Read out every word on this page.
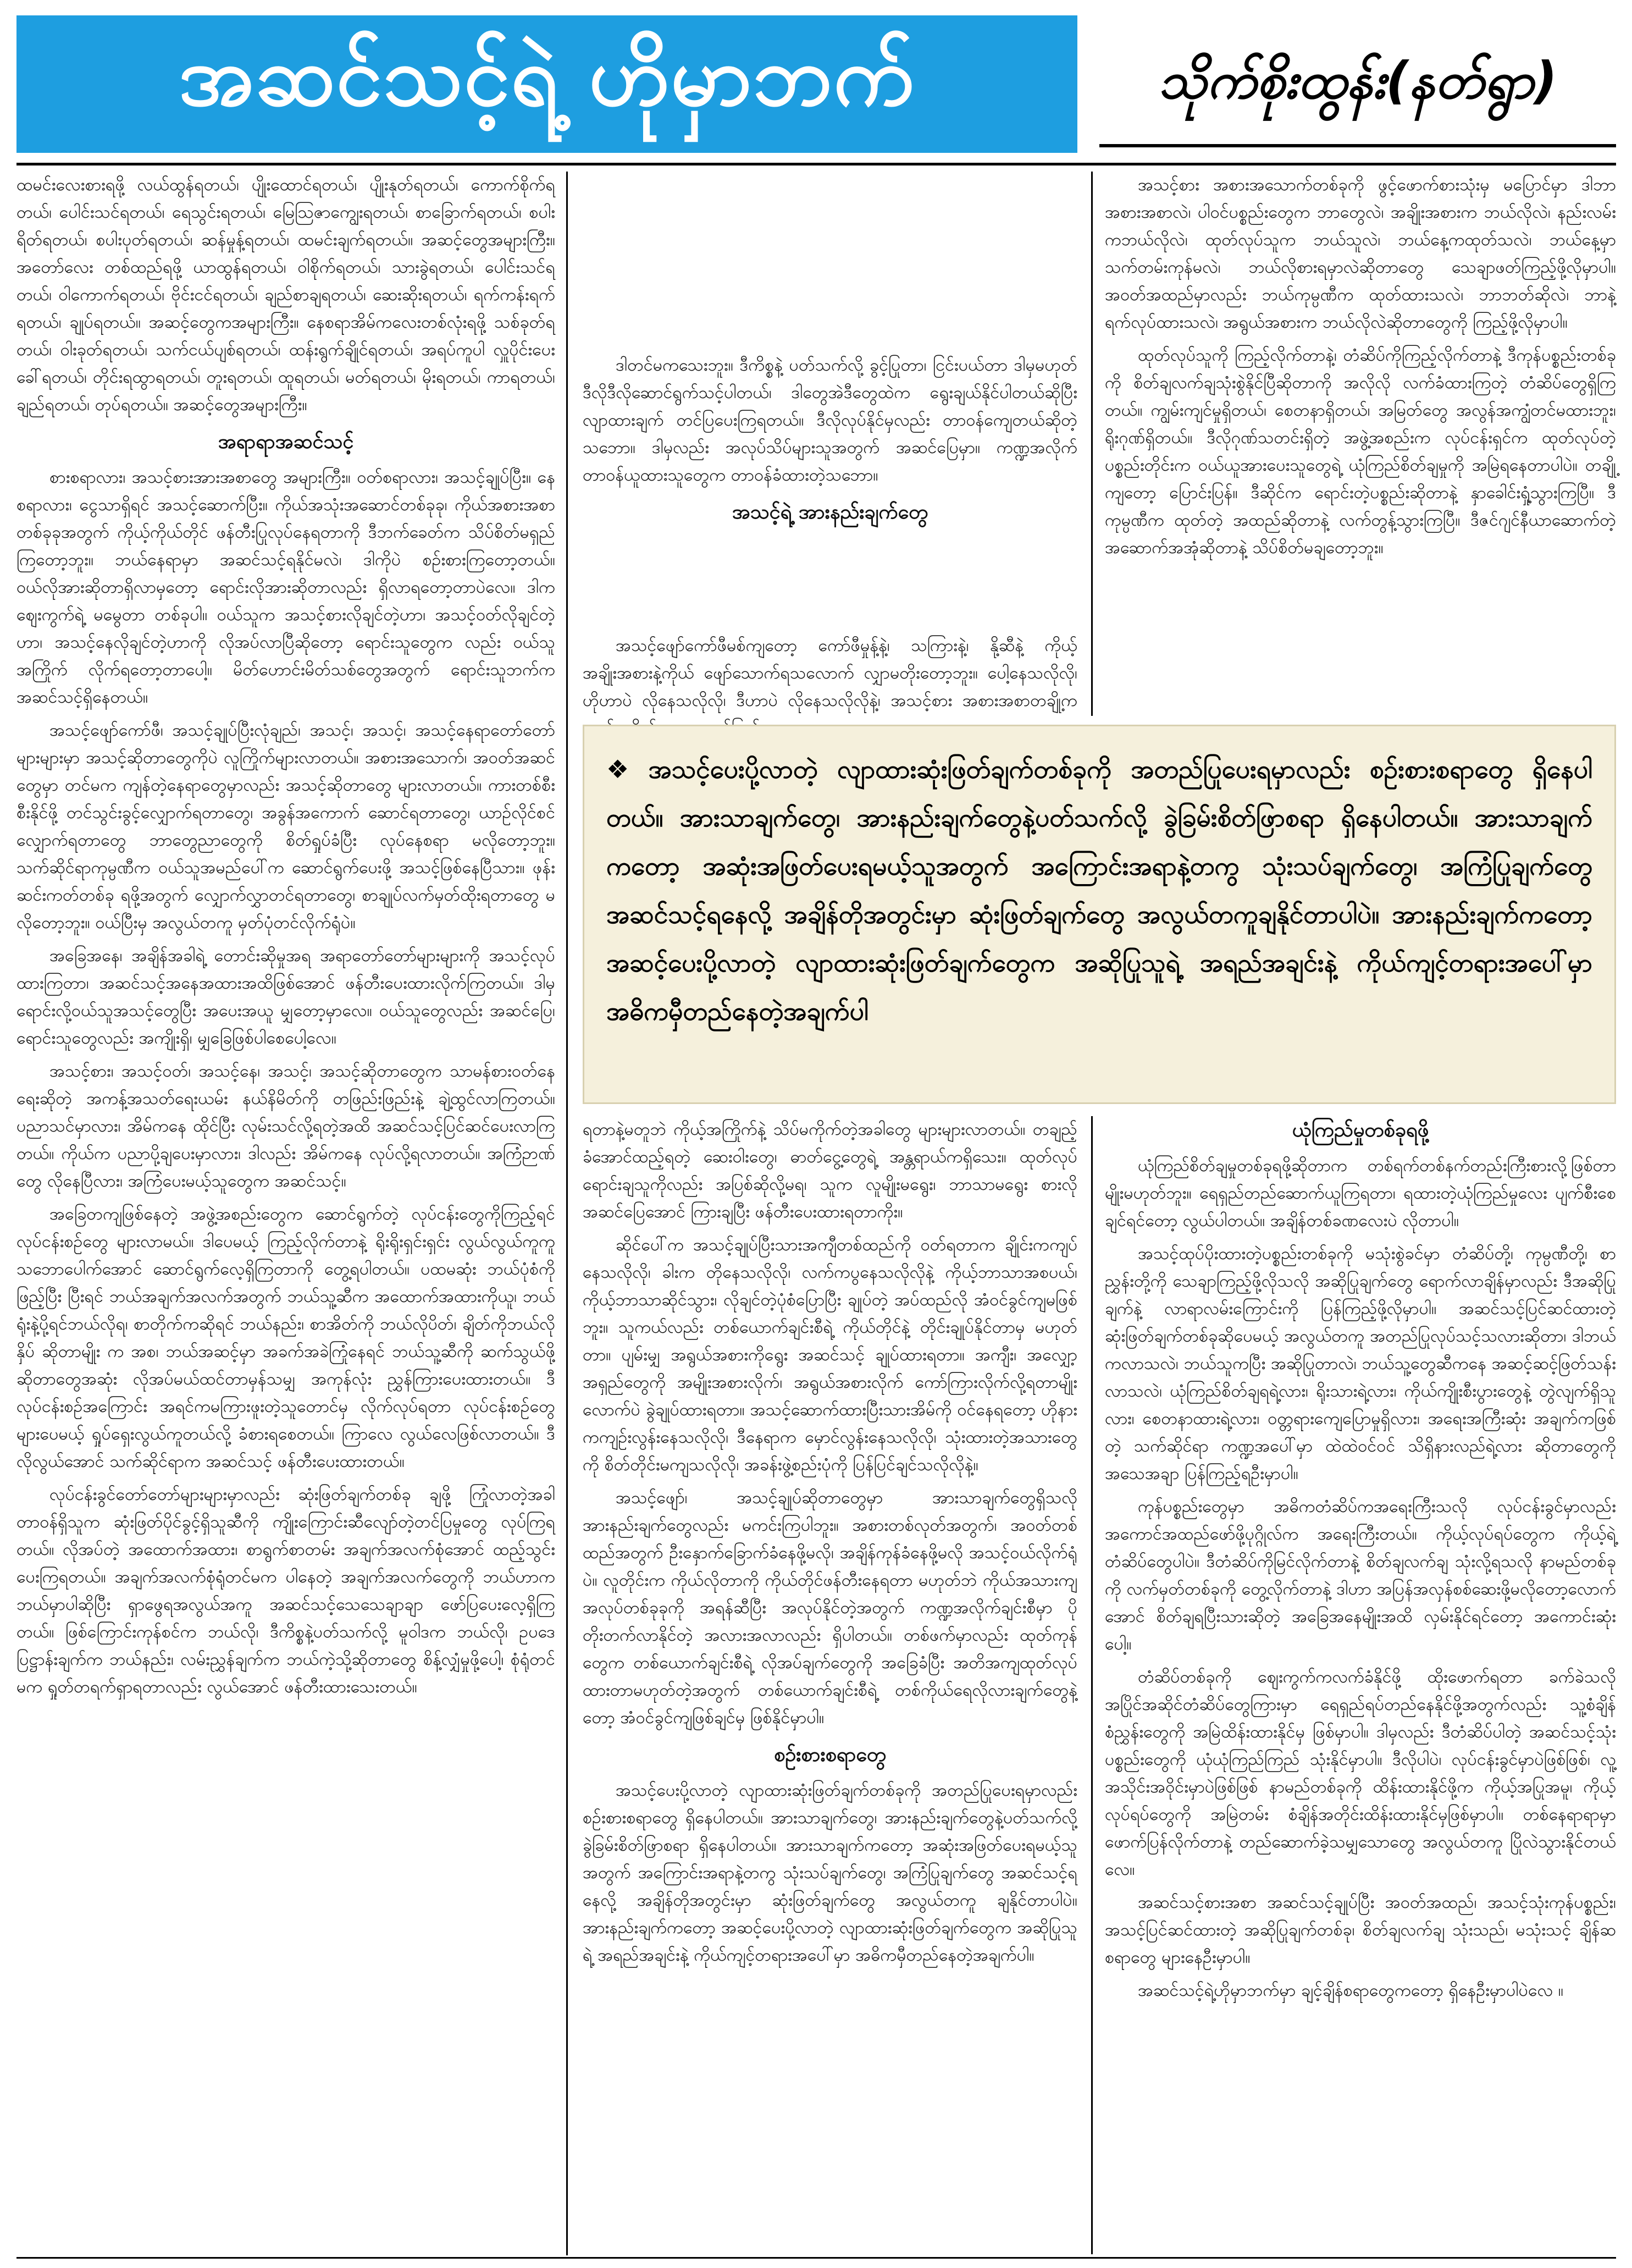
အဆင်သင့်ရဲ့ ဟိုမှာဘက်	သိုက်စိုးထွန်း(နတ်ရွာ)

ထမင်းလေးစားရဖို့ လယ်ထွန်ရတယ်၊ ပျိုးထောင်ရတယ်၊ ပျိုးနုတ်ရတယ်၊ ကောက်စိုက်ရတယ်၊ ပေါင်းသင်ရတယ်၊ ရေသွင်းရတယ်၊ မြေဩဇာကျွေးရတယ်၊ စာခြောက်ရတယ်၊ စပါးရိတ်ရတယ်၊ စပါးပုတ်ရတယ်၊ ဆန်မှုန့်ရတယ်၊ ထမင်းချက်ရတယ်။ အဆင့်တွေအများကြီး။ အတော်လေး တစ်ထည်ရဖို့ ယာထွန်ရတယ်၊ ဝါစိုက်ရတယ်၊ သားခွဲရတယ်၊ ပေါင်းသင်ရတယ်၊ ဝါကောက်ရတယ်၊ ဗိုင်းငင်ရတယ်၊ ချည်စာချရတယ်၊ ဆေးဆိုးရတယ်၊ ရက်ကန်းရက်ရတယ်၊ ချုပ်ရတယ်။ အဆင့်တွေကအများကြီး။ နေစရာအိမ်ကလေးတစ်လုံးရဖို့ သစ်ခုတ်ရတယ်၊ ဝါးခုတ်ရတယ်၊ သက်ငယ်ပျစ်ရတယ်၊ ထန်းရွက်ချိုင်ရတယ်၊ အရပ်ကူပါ လှူပိုင်းပေး ခေါ်ရတယ်၊ တိုင်းရထွာရတယ်၊ တူးရတယ်၊ ထူရတယ်၊ မတ်ရတယ်၊ မိုးရတယ်၊ ကာရတယ်၊ ချည်ရတယ်၊ တုပ်ရတယ်။ အဆင့်တွေအများကြီး။

အရာရာအဆင်သင့်

စားစရာလား၊ အသင့်စားအားအစာတွေ အများကြီး။ ဝတ်စရာလား၊ အသင့်ချုပ်ပြီး။ နေစရာလား၊ ငွေသာရှိရင် အသင့်ဆောက်ပြီး။ ကိုယ်အသုံးအဆောင်တစ်ခုခု၊ ကိုယ်အစားအစာတစ်ခုခုအတွက် ကိုယ့်ကိုယ်တိုင် ဖန်တီးပြုလုပ်နေရတာကို ဒီဘက်ခေတ်က သိပ်စိတ်မရှည်ကြတော့ဘူး။ ဘယ်နေရာမှာ အဆင်သင့်ရနိုင်မလဲ၊ ဒါကိုပဲ စဉ်းစားကြတော့တယ်။ ဝယ်လိုအားဆိုတာရှိလာမှတော့ ရောင်းလိုအားဆိုတာလည်း ရှိလာရတော့တာပဲလေ။ ဒါက ဈေးကွက်ရဲ့ မမွေတာ တစ်ခုပါ။ ဝယ်သူက အသင့်စားလိုချင်တဲ့ဟာ၊ အသင့်ဝတ်လိုချင်တဲ့ဟာ၊ အသင့်နေလိုချင်တဲ့ဟာကို လိုအပ်လာပြီဆိုတော့ ရောင်းသူတွေက လည်း ဝယ်သူအကြိုက် လိုက်ရတော့တာပေါ့။ မိတ်ဟောင်းမိတ်သစ်တွေအတွက် ရောင်းသူဘက်က အဆင်သင့်ရှိနေတယ်။

အသင့်ဖျော်ကော်ဖီ၊ အသင့်ချုပ်ပြီးလုံချည်၊ အသင့်၊ အသင့်၊ အသင့်နေရာတော်တော်များများမှာ အသင့်ဆိုတာတွေကိုပဲ လူကြိုက်များလာတယ်။ အစားအသောက်၊ အဝတ်အဆင်တွေမှာ တင်မက ကျန်တဲ့နေရာတွေမှာလည်း အသင့်ဆိုတာတွေ များလာတယ်။ ကားတစ်စီး စီးနိုင်ဖို့ တင်သွင်းခွင့်လျှောက်ရတာတွေ၊ အခွန်အကောက် ဆောင်ရတာတွေ၊ ယာဉ်လိုင်စင်လျှောက်ရတာတွေ ဘာတွေညာတွေကို စိတ်ရှုပ်ခံပြီး လုပ်နေစရာ မလိုတော့ဘူး။ သက်ဆိုင်ရာကုမ္ပဏီက ဝယ်သူအမည်ပေါ်က ဆောင်ရွက်ပေးဖို့ အသင့်ဖြစ်နေပြီသား။ ဖုန်းဆင်းကတ်တစ်ခု ရဖို့အတွက် လျှောက်လွှာတင်ရတာတွေ၊ စာချုပ်လက်မှတ်ထိုးရတာတွေ မလိုတော့ဘူး။ ဝယ်ပြီးမှ အလွယ်တကူ မှတ်ပုံတင်လိုက်ရုံပဲ။

အခြေအနေ၊ အချိန်အခါရဲ့ တောင်းဆိုမှုအရ အရာတော်တော်များများကို အသင့်လုပ်ထားကြတာ၊ အဆင်သင့်အနေအထားအထိဖြစ်အောင် ဖန်တီးပေးထားလိုက်ကြတယ်။ ဒါမှ ရောင်းလို့ဝယ်သူအသင့်တွေပြီး အပေးအယူ မျှတော့မှာလေ။ ဝယ်သူတွေလည်း အဆင်ပြေ၊ ရောင်းသူတွေလည်း အကျိုးရှိ၊ မျှခြေဖြစ်ပါစေပေါ့လေ။

အသင့်စား၊ အသင့်ဝတ်၊ အသင့်နေ၊ အသင့်၊ အသင့်ဆိုတာတွေက သာမန်စားဝတ်နေရေးဆိုတဲ့ အကန့်အသတ်ရေးယမ်း နယ်နိမိတ်ကို တဖြည်းဖြည်းနဲ့ ချဲ့ထွင်လာကြတယ်။ ပညာသင်မှာလား၊ အိမ်ကနေ ထိုင်ပြီး လုမ်းသင်လို့ရတဲ့အထိ အဆင်သင့်ပြင်ဆင်ပေးလာကြတယ်။ ကိုယ်က ပညာပို့ချပေးမှာလား၊ ဒါလည်း အိမ်ကနေ လုပ်လို့ရလာတယ်။ အကြံဉာဏ်တွေ လိုနေပြီလား၊ အကြံပေးမယ့်သူတွေက အဆင်သင့်။

အခြေတကျဖြစ်နေတဲ့ အဖွဲ့အစည်းတွေက ဆောင်ရွက်တဲ့ လုပ်ငန်းတွေကိုကြည့်ရင် လုပ်ငန်းစဉ်တွေ များလာမယ်။ ဒါပေမယ့် ကြည့်လိုက်တာနဲ့ ရိုးရိုးရှင်းရှင်း လွယ်လွယ်ကူကူ သဘောပေါက်အောင် ဆောင်ရွက်လေ့ရှိကြတာကို တွေ့ရပါတယ်။ ပထမဆုံး ဘယ်ပုံစံကိုဖြည့်ပြီး ပြီးရင် ဘယ်အချက်အလက်အတွက် ဘယ်သူ့ဆီက အထောက်အထားကိုယူ၊ ဘယ်ရုံးနဲ့ပို့ရင်ဘယ်လိုရ၊ စာတိုက်ကဆိုရင် ဘယ်နည်း၊ စာအိတ်ကို ဘယ်လိုပိတ်၊ ချိတ်ကိုဘယ်လိုနှိပ် ဆိုတာမျိုး က အစ၊ ဘယ်အဆင့်မှာ အခက်အခဲကြုံနေရင် ဘယ်သူ့ဆီကို ဆက်သွယ်ဖို့ဆိုတာတွေအဆုံး လိုအပ်မယ်ထင်တာမှန်သမျှ အကုန်လုံး ညွှန်ကြားပေးထားတယ်။ ဒီလုပ်ငန်းစဉ်အကြောင်း အရင်ကမကြားဖူးတဲ့သူတောင်မှ လိုက်လုပ်ရတာ လုပ်ငန်းစဉ်တွေ များပေမယ့် ရှုပ်ရှေးလွယ်ကူတယ်လို့ ခံစားရစေတယ်။ ကြာလေ လွယ်လေဖြစ်လာတယ်။ ဒီလိုလွယ်အောင် သက်ဆိုင်ရာက အဆင်သင့် ဖန်တီးပေးထားတယ်။

လုပ်ငန်းခွင်တော်တော်များများမှာလည်း ဆုံးဖြတ်ချက်တစ်ခု ချဖို့ ကြုံလာတဲ့အခါ တာဝန်ရှိသူက ဆုံးဖြတ်ပိုင်ခွင့်ရှိသူဆီကို ကျိုးကြောင်းဆီလျော်တဲ့တင်ပြမှုတွေ လုပ်ကြရတယ်။ လိုအပ်တဲ့ အထောက်အထား၊ စာရွက်စာတမ်း အချက်အလက်စုံအောင် ထည့်သွင်းပေးကြရတယ်။ အချက်အလက်စုံရုံတင်မက ပါနေတဲ့ အချက်အလက်တွေကို ဘယ်ဟာက ဘယ်မှာပါဆိုပြီး ရှာဖွေရအလွယ်အကူ အဆင်သင့်သေသေချာချာ ဖော်ပြပေးလေ့ရှိကြတယ်။ ဖြစ်ကြောင်းကုန်စင်က ဘယ်လို၊ ဒီကိစ္စနဲ့ပတ်သက်လို့ မူဝါဒက ဘယ်လို၊ ဥပဒေပြဋ္ဌာန်းချက်က ဘယ်နည်း၊ လမ်းညွှန်ချက်က ဘယ်ကဲ့သို့ဆိုတာတွေ စိန့်လျှံမှုဖို့ပေါ့၊ စုံရုံတင်မက ရှုတ်တရက်ရှာရတာလည်း လွယ်အောင် ဖန်တီးထားသေးတယ်။

အသင့်ဖျော်ကော်ဖီမစ်ကျတော့ ကော်ဖီမှုန့်နဲ့၊ သကြားနဲ့၊ နို့ဆီနဲ့ ကိုယ့်အချိုးအစားနဲ့ကိုယ် ဖျော်သောက်ရသလောက် လျှာမတိုးတော့ဘူး။ ပေါ့နေသလိုလို၊ ဟိုဟာပဲ လိုနေသလိုလို၊ ဒီဟာပဲ လိုနေသလိုလိုနဲ့၊ အသင့်စား အစားအစာတချို့က

ဒါတင်မကသေးဘူး။ ဒီကိစ္စနဲ့ ပတ်သက်လို့ ခွင့်ပြုတာ၊ ငြင်းပယ်တာ ဒါမှမဟုတ် ဒီလိုဒီလိုဆောင်ရွက်သင့်ပါတယ်၊ ဒါတွေအဲဒီတွေထဲက ရွေးချယ်နိုင်ပါတယ်ဆိုပြီး လျာထားချက် တင်ပြပေးကြရတယ်။ ဒီလိုလုပ်နိုင်မှလည်း တာဝန်ကျေတယ်ဆိုတဲ့သဘော။ ဒါမှလည်း အလုပ်သိပ်များသူအတွက် အဆင်ပြေမှာ။ ကဏ္ဍအလိုက် တာဝန်ယူထားသူတွေက တာဝန်ခံထားတဲ့သဘော။

အသင့်ရဲ့ အားနည်းချက်တွေ

အသင့်စား အစားအသောက်တစ်ခုကို ဖွင့်ဖောက်စားသုံးမှ မပြောင်မှာ ဒါဘာအစားအစာလဲ၊ ပါဝင်ပစ္စည်းတွေက ဘာတွေလဲ၊ အချိုးအစားက ဘယ်လိုလဲ၊ နည်းလမ်းကဘယ်လိုလဲ၊ ထုတ်လုပ်သူက ဘယ်သူလဲ၊ ဘယ်နေ့ကထုတ်သလဲ၊ ဘယ်နေ့မှာ သက်တမ်းကုန်မလဲ၊ ဘယ်လိုစားရမှာလဲဆိုတာတွေ သေချာဖတ်ကြည့်ဖို့လိုမှာပါ။ အဝတ်အထည်မှာလည်း ဘယ်ကုမ္ပဏီက ထုတ်ထားသလဲ၊ ဘာဘတ်ဆိုလဲ၊ ဘာနဲ့ရက်လုပ်ထားသလဲ၊ အရွယ်အစားက ဘယ်လိုလဲဆိုတာတွေကို ကြည့်ဖို့လိုမှာပါ။

ထုတ်လုပ်သူကို ကြည့်လိုက်တာနဲ့၊ တံဆိပ်ကိုကြည့်လိုက်တာနဲ့ ဒီကုန်ပစ္စည်းတစ်ခုကို စိတ်ချလက်ချသုံးစွဲနိုင်ပြီဆိုတာကို အလိုလို လက်ခံထားကြတဲ့ တံဆိပ်တွေရှိကြတယ်။ ကျွမ်းကျင်မှုရှိတယ်၊ စေတနာရှိတယ်၊ အမြတ်တွေ အလွန်အကျွံတင်မထားဘူး၊ ရိုးဂုဏ်ရှိတယ်။ ဒီလိုဂုဏ်သတင်းရှိတဲ့ အဖွဲ့အစည်းက လုပ်ငန်းရှင်က ထုတ်လုပ်တဲ့ပစ္စည်းတိုင်းက ဝယ်ယူအားပေးသူတွေရဲ့ ယုံကြည်စိတ်ချမှုကို အမြဲရနေတာပါပဲ။ တချို့ကျတော့ ပြောင်းပြန်။ ဒီဆိုင်က ရောင်းတဲ့ပစ္စည်းဆိုတာနဲ့ နှာခေါင်းရှုံ့သွားကြပြီ။ ဒီကုမ္ပဏီက ထုတ်တဲ့ အထည်ဆိုတာနဲ့ လက်တွန့်သွားကြပြီ။ ဒီဇင်ဂျင်နီယာဆောက်တဲ့ အဆောက်အအုံဆိုတာနဲ့ သိပ်စိတ်မချတော့ဘူး။

❖ အသင့်ပေးပို့လာတဲ့ လျာထားဆုံးဖြတ်ချက်တစ်ခုကို အတည်ပြုပေးရမှာလည်း စဉ်းစားစရာတွေ ရှိနေပါတယ်။ အားသာချက်တွေ၊ အားနည်းချက်တွေနဲ့ပတ်သက်လို့ ခွဲခြမ်းစိတ်ဖြာစရာ ရှိနေပါတယ်။ အားသာချက်ကတော့ အဆုံးအဖြတ်ပေးရမယ့်သူအတွက် အကြောင်းအရာနဲ့တကွ သုံးသပ်ချက်တွေ၊ အကြံပြုချက်တွေ အဆင်သင့်ရနေလို့ အချိန်တိုအတွင်းမှာ ဆုံးဖြတ်ချက်တွေ အလွယ်တကူချနိုင်တာပါပဲ။ အားနည်းချက်ကတော့ အဆင့်ပေးပို့လာတဲ့ လျာထားဆုံးဖြတ်ချက်တွေက အဆိုပြုသူရဲ့ အရည်အချင်းနဲ့ ကိုယ်ကျင့်တရားအပေါ်မှာ အဓိကမှီတည်နေတဲ့အချက်ပါ

ရတာနဲ့မတူဘဲ ကိုယ့်အကြိုက်နဲ့ သိပ်မကိုက်တဲ့အခါတွေ များများလာတယ်။ တချည့်ခံအောင်ထည့်ရတဲ့ ဆေးဝါးတွေ၊ ဓာတ်ငွေ့တွေရဲ့ အန္တရာယ်ကရှိသေး။ ထုတ်လုပ်ရောင်းချသူကိုလည်း အပြစ်ဆိုလို့မရ၊ သူက လူမျိုးမရွေး၊ ဘာသာမရွေး စားလိုအဆင်ပြေအောင် ကြားချပြီး ဖန်တီးပေးထားရတာကိုး။

ဆိုင်ပေါ်က အသင့်ချုပ်ပြီးသားအကျီတစ်ထည်ကို ဝတ်ရတာက ချိုင်းကကျပ်နေသလိုလို၊ ခါးက တိုနေသလိုလို၊ လက်ကပွနေသလိုလိုနဲ့ ကိုယ့်ဘာသာအစပယ်၊ ကိုယ့်ဘာသာဆိုင်သွား၊ လိုချင်တဲ့ပုံစံပြောပြီး ချုပ်တဲ့ အပ်ထည်လို အံဝင်ခွင်ကျမဖြစ်ဘူး။ သူကယ်လည်း တစ်ယောက်ချင်းစီရဲ့ ကိုယ်တိုင်နဲ့ တိုင်းချုပ်နိုင်တာမှ မဟုတ်တာ။ ပျမ်းမျှ အရွယ်အစားကိုရွေး အဆင်သင့် ချုပ်ထားရတာ။ အကျီး၊ အလျှော့ အရှည်တွေကို အမျိုးအစားလိုက်၊ အရွယ်အစားလိုက် ကော်ကြားလိုက်လို့ရတာမျိုးလောက်ပဲ ခွဲချုပ်ထားရတာ။ အသင့်ဆောက်ထားပြီးသားအိမ်ကို ဝင်နေရတော့ ဟိုနားကကျဉ်းလွန်းနေသလိုလို၊ ဒီနေရာက မှောင်လွန်းနေသလိုလို၊ သုံးထားတဲ့အသားတွေကို စိတ်တိုင်းမကျသလိုလို၊ အခန်းဖွဲ့စည်းပုံကို ပြန်ပြင်ချင်သလိုလိုနဲ့။

အသင့်ဖျော်၊ အသင့်ချုပ်ဆိုတာတွေမှာ အားသာချက်တွေရှိသလို အားနည်းချက်တွေလည်း မကင်းကြပါဘူး။ အစားတစ်လုတ်အတွက်၊ အဝတ်တစ်ထည်အတွက် ဦးနှောက်ခြောက်ခံနေဖို့မလို၊ အချိန်ကုန်ခံနေဖို့မလို အသင့်ဝယ်လိုက်ရုံပဲ။ လူတိုင်းက ကိုယ်လိုတာကို ကိုယ်တိုင်ဖန်တီးနေရတာ မဟုတ်ဘဲ ကိုယ်အသားကျ အလုပ်တစ်ခုခုကို အရန်ဆီပြီး အလုပ်နိုင်တဲ့အတွက် ကဏ္ဍအလိုက်ချင်းစီမှာ ပိုတိုးတက်လာနိုင်တဲ့ အလားအလာလည်း ရှိပါတယ်။ တစ်ဖက်မှာလည်း ထုတ်ကုန်တွေက တစ်ယောက်ချင်းစီရဲ့ လိုအပ်ချက်တွေကို အခြေခံပြီး အတိအကျထုတ်လုပ်ထားတာမဟုတ်တဲ့အတွက် တစ်ယောက်ချင်းစီရဲ့ တစ်ကိုယ်ရေလိုလားချက်တွေနဲ့တော့ အံဝင်ခွင်ကျဖြစ်ချင်မှ ဖြစ်နိုင်မှာပါ။

စဉ်းစားစရာတွေ

အသင့်ပေးပို့လာတဲ့ လျာထားဆုံးဖြတ်ချက်တစ်ခုကို အတည်ပြုပေးရမှာလည်း စဉ်းစားစရာတွေ ရှိနေပါတယ်။ အားသာချက်တွေ၊ အားနည်းချက်တွေနဲ့ပတ်သက်လို့ ခွဲခြမ်းစိတ်ဖြာစရာ ရှိနေပါတယ်။ အားသာချက်ကတော့ အဆုံးအဖြတ်ပေးရမယ့်သူအတွက် အကြောင်းအရာနဲ့တကွ သုံးသပ်ချက်တွေ၊ အကြံပြုချက်တွေ အဆင်သင့်ရနေလို့ အချိန်တိုအတွင်းမှာ ဆုံးဖြတ်ချက်တွေ အလွယ်တကူ ချနိုင်တာပါပဲ။ အားနည်းချက်ကတော့ အဆင့်ပေးပို့လာတဲ့ လျာထားဆုံးဖြတ်ချက်တွေက အဆိုပြုသူရဲ့ အရည်အချင်းနဲ့ ကိုယ်ကျင့်တရားအပေါ်မှာ အဓိကမှီတည်နေတဲ့အချက်ပါ။

ယုံကြည်မှုတစ်ခုရဖို့

ယုံကြည်စိတ်ချမှုတစ်ခုရဖို့ဆိုတာက တစ်ရက်တစ်နက်တည်းကြီးစားလို့ဖြစ်တာမျိုးမဟုတ်ဘူး။ ရေရှည်တည်ဆောက်ယူကြရတာ၊ ရထားတဲ့ယုံကြည်မှုလေး ပျက်စီးစေချင်ရင်တော့ လွယ်ပါတယ်။ အချိန်တစ်ခဏလေးပဲ လိုတာပါ။

အသင့်ထုပ်ပိုးထားတဲ့ပစ္စည်းတစ်ခုကို မသုံးစွဲခင်မှာ တံဆိပ်တို့၊ ကုမ္ပဏီတို့၊ စာညွှန်းတို့ကို သေချာကြည့်ဖို့လိုသလို အဆိုပြုချက်တွေ ရောက်လာချိန်မှာလည်း ဒီအဆိုပြုချက်နဲ့ လာရာလမ်းကြောင်းကို ပြန်ကြည့်ဖို့လိုမှာပါ။ အဆင်သင့်ပြင်ဆင်ထားတဲ့ ဆုံးဖြတ်ချက်တစ်ခုဆိုပေမယ့် အလွယ်တကူ အတည်ပြုလုပ်သင့်သလားဆိုတာ၊ ဒါဘယ်ကလာသလဲ၊ ဘယ်သူကပြီး အဆိုပြုတာလဲ၊ ဘယ်သူ့တွေဆီကနေ အဆင့်ဆင့်ဖြတ်သန်းလာသလဲ၊ ယုံကြည်စိတ်ချရရဲ့လား၊ ရိုးသားရဲ့လား၊ ကိုယ်ကျိုးစီးပွားတွေနဲ့ တွဲလျက်ရှိသူလား၊ စေတနာထားရဲ့လား၊ ဝတ္တရားကျေပြောမှုရှိလား၊ အရေးအကြီးဆုံး အချက်ကဖြစ်တဲ့ သက်ဆိုင်ရာ ကဏ္ဍအပေါ်မှာ ထဲထဲဝင်ဝင် သိရှိနားလည်ရဲ့လား ဆိုတာတွေကို အသေအချာ ပြန်ကြည့်ရဦးမှာပါ။

ကုန်ပစ္စည်းတွေမှာ အဓိကတံဆိပ်ကအရေးကြီးသလို လုပ်ငန်းခွင်မှာလည်း အကောင်အထည်ဖော်ဖို့ပုဂ္ဂိုလ်က အရေးကြီးတယ်။ ကိုယ့်လုပ်ရပ်တွေက ကိုယ့်ရဲ့တံဆိပ်တွေပါပဲ။ ဒီတံဆိပ်ကိုမြင်လိုက်တာနဲ့ စိတ်ချလက်ချ သုံးလို့ရသလို နာမည်တစ်ခုကို လက်မှတ်တစ်ခုကို တွေ့လိုက်တာနဲ့ ဒါဟာ အပြန်အလှန်စစ်ဆေးဖို့မလိုတော့လောက်အောင် စိတ်ချရပြီးသားဆိုတဲ့ အခြေအနေမျိုးအထိ လှမ်းနိုင်ရင်တော့ အကောင်းဆုံးပေါ့။

တံဆိပ်တစ်ခုကို ဈေးကွက်ကလက်ခံနိုင်ဖို့ ထိုးဖောက်ရတာ ခက်ခဲသလို အပြိုင်အဆိုင်တံဆိပ်တွေကြားမှာ ရေရှည်ရပ်တည်နေနိုင်ဖို့အတွက်လည်း သူ့စံချိန်စံညွှန်းတွေကို အမြဲထိန်းထားနိုင်မှ ဖြစ်မှာပါ။ ဒါမှလည်း ဒီတံဆိပ်ပါတဲ့ အဆင်သင့်သုံးပစ္စည်းတွေကို ယုံယုံကြည်ကြည် သုံးနိုင်မှာပါ။ ဒီလိုပါပဲ၊ လုပ်ငန်းခွင်မှာပဲဖြစ်ဖြစ်၊ လူ့အသိုင်းအဝိုင်းမှာပဲဖြစ်ဖြစ် နာမည်တစ်ခုကို ထိန်းထားနိုင်ဖို့က ကိုယ့်အပြုအမူ၊ ကိုယ့်လုပ်ရပ်တွေကို အမြဲတမ်း စံချိန်အတိုင်းထိန်းထားနိုင်မှဖြစ်မှာပါ။ တစ်နေရာရာမှာ ဖောက်ပြန်လိုက်တာနဲ့ တည်ဆောက်ခဲ့သမျှသောတွေ အလွယ်တကူ ပြိုလဲသွားနိုင်တယ်လေ။

အဆင်သင့်စားအစာ အဆင်သင့်ချုပ်ပြီး အဝတ်အထည်၊ အသင့်သုံးကုန်ပစ္စည်း၊ အသင့်ပြင်ဆင်ထားတဲ့ အဆိုပြုချက်တစ်ခု၊ စိတ်ချလက်ချ သုံးသည်၊ မသုံးသင့် ချိန်ဆစရာတွေ များနေဦးမှာပါ။

အဆင်သင့်ရဲ့ဟိုမှာဘက်မှာ ချင့်ချိန်စရာတွေကတော့ ရှိနေဦးမှာပါပဲလေ ။
